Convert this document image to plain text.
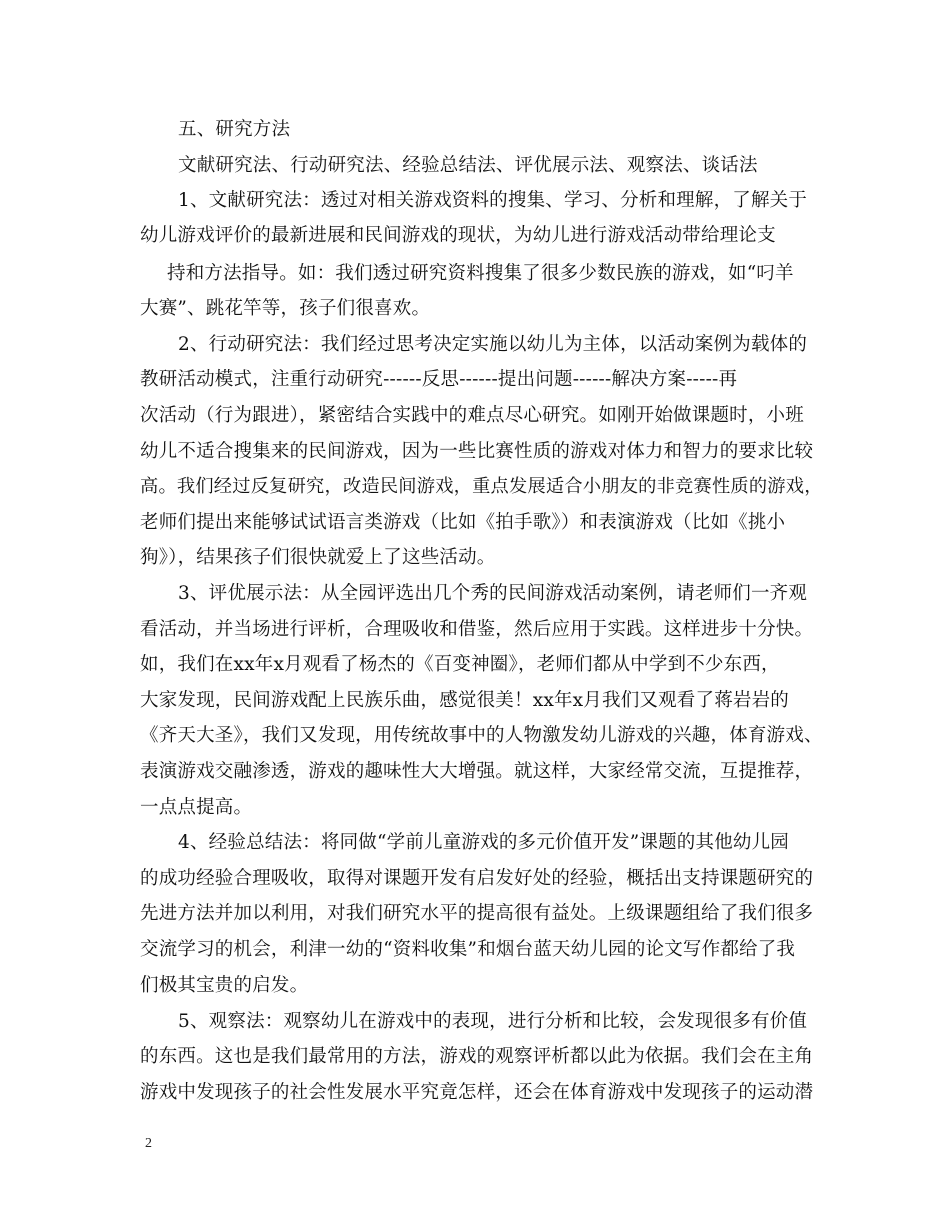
五、研究方法
文献研究法、行动研究法、经验总结法、评优展示法、观察法、谈话法
1、文献研究法：透过对相关游戏资料的搜集、学习、分析和理解，了解关于
幼儿游戏评价的最新进展和民间游戏的现状，为幼儿进行游戏活动带给理论支
持和方法指导。如：我们透过研究资料搜集了很多少数民族的游戏，如“叼羊
大赛”、跳花竿等，孩子们很喜欢。
2、行动研究法：我们经过思考决定实施以幼儿为主体，以活动案例为载体的
教研活动模式，注重行动研究------反思------提出问题------解决方案-----再
次活动（行为跟进），紧密结合实践中的难点尽心研究。如刚开始做课题时，小班
幼儿不适合搜集来的民间游戏，因为一些比赛性质的游戏对体力和智力的要求比较
高。我们经过反复研究，改造民间游戏，重点发展适合小朋友的非竞赛性质的游戏，
老师们提出来能够试试语言类游戏（比如《拍手歌》）和表演游戏（比如《挑小
狗》），结果孩子们很快就爱上了这些活动。
3、评优展示法：从全园评选出几个秀的民间游戏活动案例，请老师们一齐观
看活动，并当场进行评析，合理吸收和借鉴，然后应用于实践。这样进步十分快。
如，我们在xx年x月观看了杨杰的《百变神圈》，老师们都从中学到不少东西，
大家发现，民间游戏配上民族乐曲，感觉很美！xx年x月我们又观看了蒋岩岩的
《齐天大圣》，我们又发现，用传统故事中的人物激发幼儿游戏的兴趣，体育游戏、
表演游戏交融渗透，游戏的趣味性大大增强。就这样，大家经常交流，互提推荐，
一点点提高。
4、经验总结法：将同做“学前儿童游戏的多元价值开发”课题的其他幼儿园
的成功经验合理吸收，取得对课题开发有启发好处的经验，概括出支持课题研究的
先进方法并加以利用，对我们研究水平的提高很有益处。上级课题组给了我们很多
交流学习的机会，利津一幼的“资料收集”和烟台蓝天幼儿园的论文写作都给了我
们极其宝贵的启发。
5、观察法：观察幼儿在游戏中的表现，进行分析和比较，会发现很多有价值
的东西。这也是我们最常用的方法，游戏的观察评析都以此为依据。我们会在主角
游戏中发现孩子的社会性发展水平究竟怎样，还会在体育游戏中发现孩子的运动潜
2
